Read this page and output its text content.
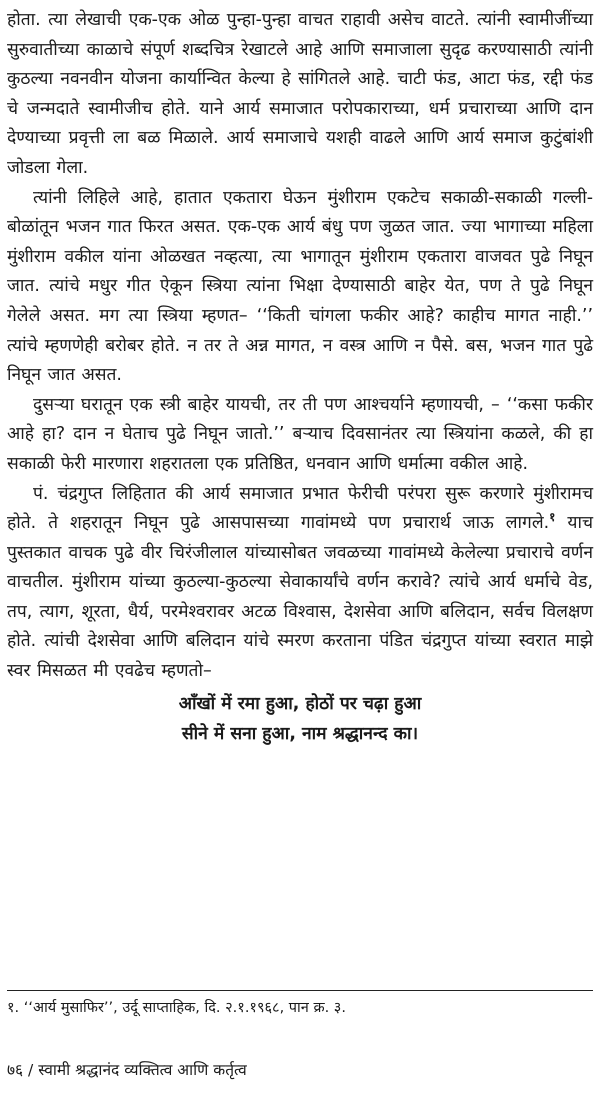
होता. त्या लेखाची एक-एक ओळ पुन्हा-पुन्हा वाचत राहावी असेच वाटते. त्यांनी स्वामीजींच्या सुरुवातीच्या काळाचे संपूर्ण शब्दचित्र रेखाटले आहे आणि समाजाला सुदृढ करण्यासाठी त्यांनी कुठल्या नवनवीन योजना कार्यान्वित केल्या हे सांगितले आहे. चाटी फंड, आटा फंड, रद्दी फंड चे जन्मदाते स्वामीजीच होते. याने आर्य समाजात परोपकाराच्या, धर्म प्रचाराच्या आणि दान देण्याच्या प्रवृत्ती ला बळ मिळाले. आर्य समाजाचे यशही वाढले आणि आर्य समाज कुटुंबांशी जोडला गेला.

त्यांनी लिहिले आहे, हातात एकतारा घेऊन मुंशीराम एकटेच सकाळी-सकाळी गल्ली-बोळांतून भजन गात फिरत असत. एक-एक आर्य बंधु पण जुळत जात. ज्या भागाच्या महिला मुंशीराम वकील यांना ओळखत नव्हत्या, त्या भागातून मुंशीराम एकतारा वाजवत पुढे निघून जात. त्यांचे मधुर गीत ऐकून स्त्रिया त्यांना भिक्षा देण्यासाठी बाहेर येत, पण ते पुढे निघून गेलेले असत. मग त्या स्त्रिया म्हणत– ‘‘किती चांगला फकीर आहे? काहीच मागत नाही.’’ त्यांचे म्हणणेही बरोबर होते. न तर ते अन्न मागत, न वस्त्र आणि न पैसे. बस, भजन गात पुढे निघून जात असत.

दुसऱ्या घरातून एक स्त्री बाहेर यायची, तर ती पण आश्चर्याने म्हणायची, – ‘‘कसा फकीर आहे हा? दान न घेताच पुढे निघून जातो.’’ बऱ्याच दिवसानंतर त्या स्त्रियांना कळले, की हा सकाळी फेरी मारणारा शहरातला एक प्रतिष्ठित, धनवान आणि धर्मात्मा वकील आहे.

पं. चंद्रगुप्त लिहितात की आर्य समाजात प्रभात फेरीची परंपरा सुरू करणारे मुंशीरामच होते. ते शहरातून निघून पुढे आसपासच्या गावांमध्ये पण प्रचारार्थ जाऊ लागले.$^१$ याच पुस्तकात वाचक पुढे वीर चिरंजीलाल यांच्यासोबत जवळच्या गावांमध्ये केलेल्या प्रचाराचे वर्णन वाचतील. मुंशीराम यांच्या कुठल्या-कुठल्या सेवाकार्यांचे वर्णन करावे? त्यांचे आर्य धर्माचे वेड, तप, त्याग, शूरता, धैर्य, परमेश्वरावर अटळ विश्वास, देशसेवा आणि बलिदान, सर्वच विलक्षण होते. त्यांची देशसेवा आणि बलिदान यांचे स्मरण करताना पंडित चंद्रगुप्त यांच्या स्वरात माझे स्वर मिसळत मी एवढेच म्हणतो–

आँखों में रमा हुआ, होठों पर चढ़ा हुआ

सीने में सना हुआ, नाम श्रद्धानन्द का।

१. ‘‘आर्य मुसाफिर’’, उर्दू साप्ताहिक, दि. २.१.१९६८, पान क्र. ३.

७६ / स्वामी श्रद्धानंद व्यक्तित्व आणि कर्तृत्व
